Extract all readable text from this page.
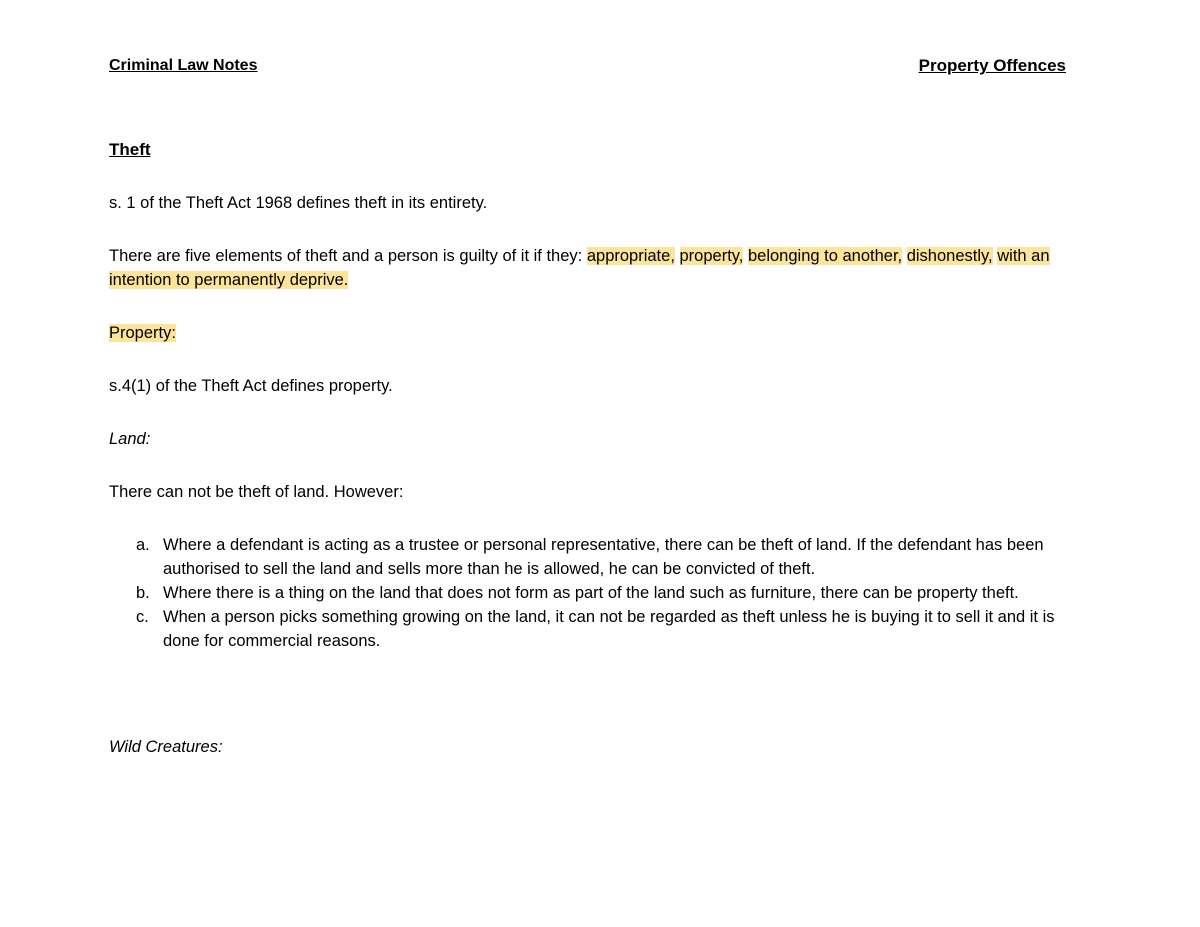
Criminal Law Notes	Property Offences
Theft

s. 1 of the Theft Act 1968 defines theft in its entirety.

There are five elements of theft and a person is guilty of it if they: appropriate, property, belonging to another, dishonestly, with an intention to permanently deprive.

Property:

s.4(1) of the Theft Act defines property.

Land:

There can not be theft of land. However:

a. Where a defendant is acting as a trustee or personal representative, there can be theft of land. If the defendant has been authorised to sell the land and sells more than he is allowed, he can be convicted of theft.
b. Where there is a thing on the land that does not form as part of the land such as furniture, there can be property theft.
c. When a person picks something growing on the land, it can not be regarded as theft unless he is buying it to sell it and it is done for commercial reasons.

Wild Creatures:
